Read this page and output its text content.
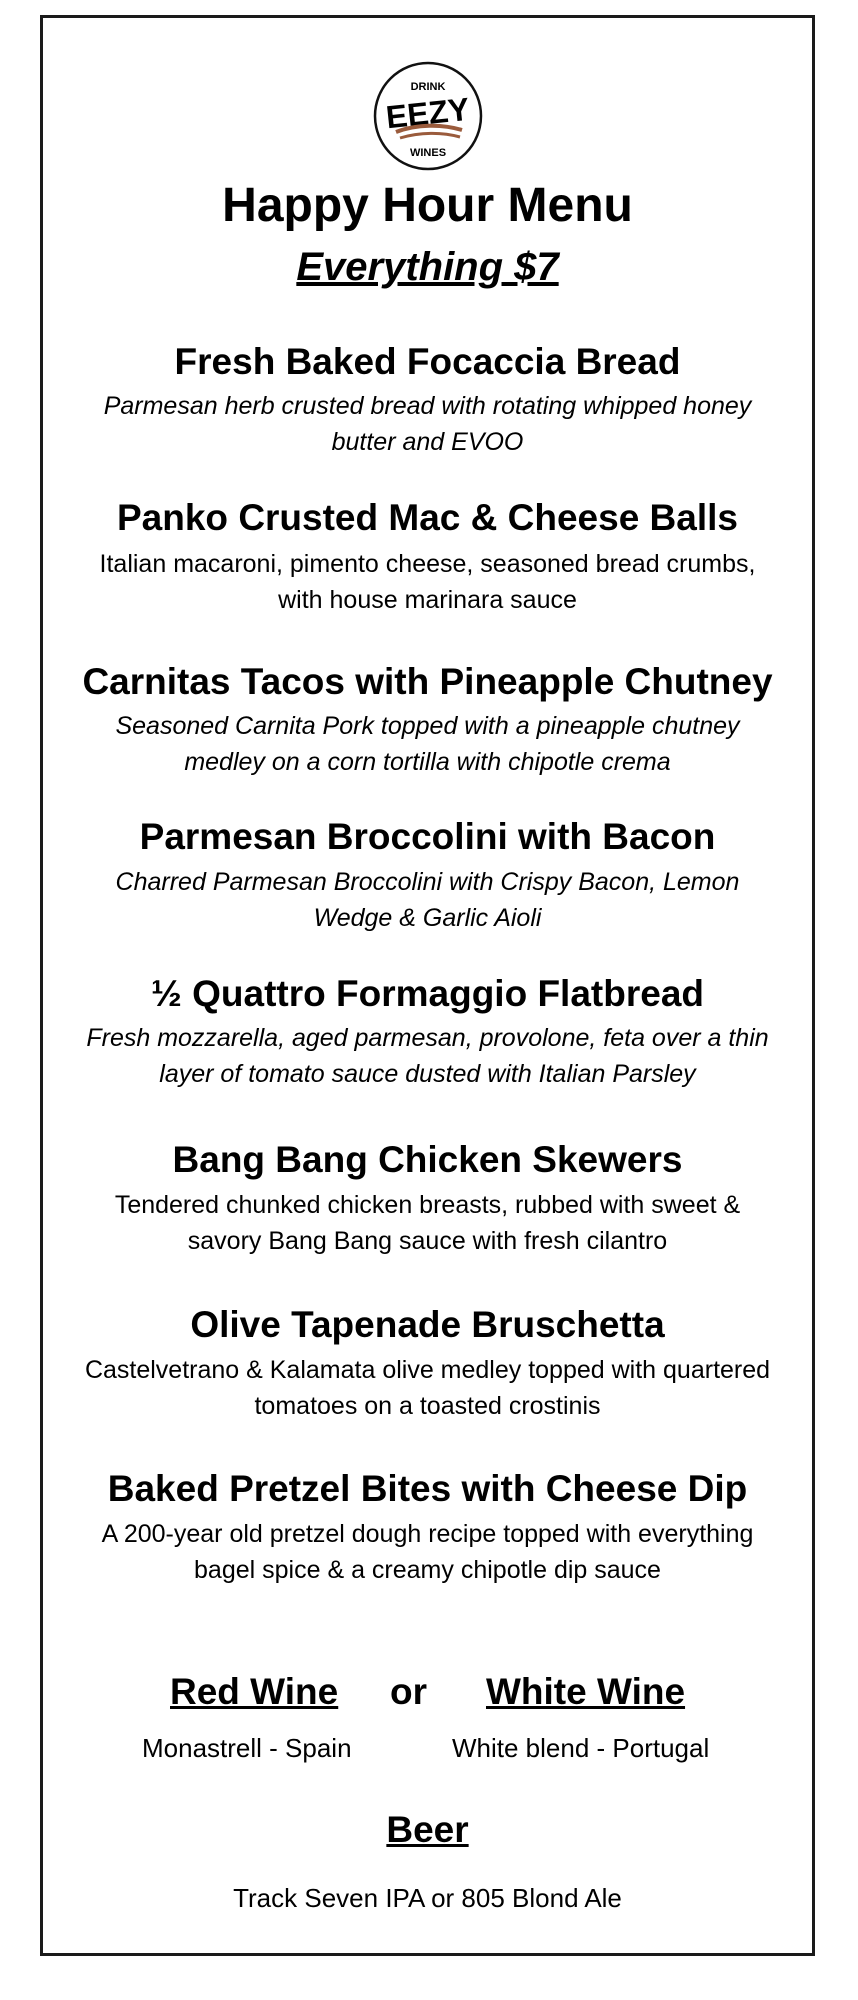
DRINK
EEZY
WINES
Happy Hour Menu
Everything $7
Fresh Baked Focaccia Bread
Parmesan herb crusted bread with rotating whipped honey butter and EVOO
Panko Crusted Mac & Cheese Balls
Italian macaroni, pimento cheese, seasoned bread crumbs, with house marinara sauce
Carnitas Tacos with Pineapple Chutney
Seasoned Carnita Pork topped with a pineapple chutney medley on a corn tortilla with chipotle crema
Parmesan Broccolini with Bacon
Charred Parmesan Broccolini with Crispy Bacon, Lemon Wedge & Garlic Aioli
½ Quattro Formaggio Flatbread
Fresh mozzarella, aged parmesan, provolone, feta over a thin layer of tomato sauce dusted with Italian Parsley
Bang Bang Chicken Skewers
Tendered chunked chicken breasts, rubbed with sweet & savory Bang Bang sauce with fresh cilantro
Olive Tapenade Bruschetta
Castelvetrano & Kalamata olive medley topped with quartered tomatoes on a toasted crostinis
Baked Pretzel Bites with Cheese Dip
A 200-year old pretzel dough recipe topped with everything bagel spice & a creamy chipotle dip sauce
Red Wine or White Wine
Monastrell - Spain	White blend - Portugal
Beer
Track Seven IPA or 805 Blond Ale
